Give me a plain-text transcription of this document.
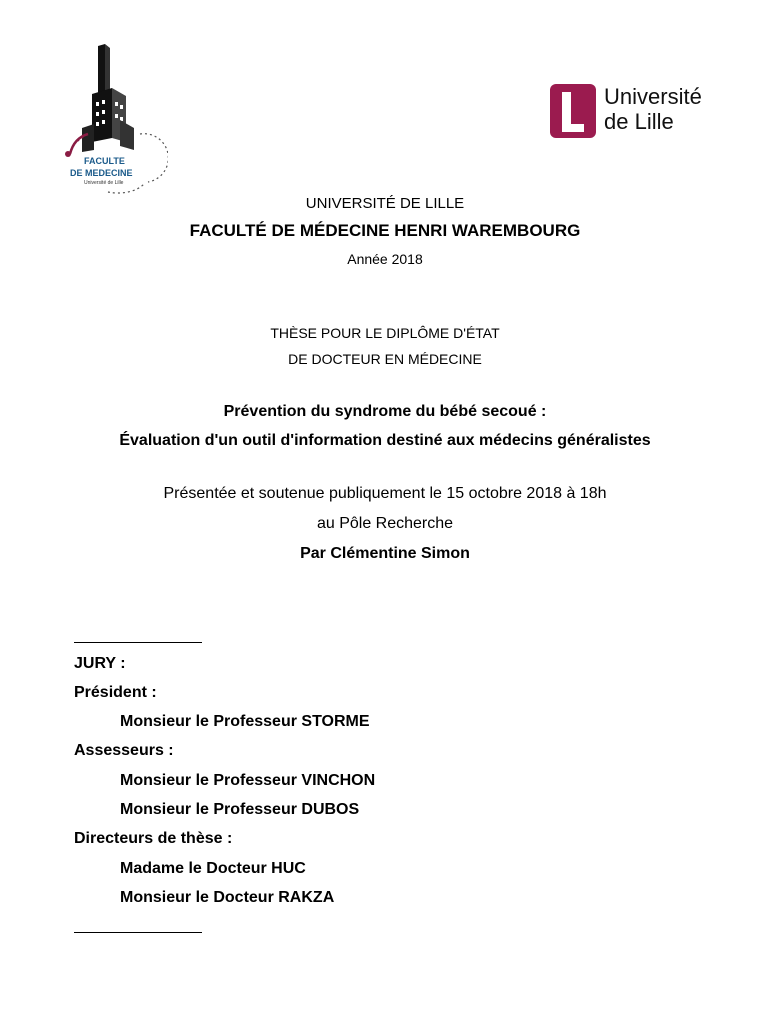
FACULTE
DE MEDECINE
Université de Lille
Université
de Lille
UNIVERSITÉ DE LILLE
FACULTÉ DE MÉDECINE HENRI WAREMBOURG
Année 2018
THÈSE POUR LE DIPLÔME D'ÉTAT
DE DOCTEUR EN MÉDECINE
Prévention du syndrome du bébé secoué :
Évaluation d'un outil d'information destiné aux médecins généralistes
Présentée et soutenue publiquement le 15 octobre 2018 à 18h
au Pôle Recherche
Par Clémentine Simon
JURY :
Président :
Monsieur le Professeur STORME
Assesseurs :
Monsieur le Professeur VINCHON
Monsieur le Professeur DUBOS
Directeurs de thèse :
Madame le Docteur HUC
Monsieur le Docteur RAKZA
